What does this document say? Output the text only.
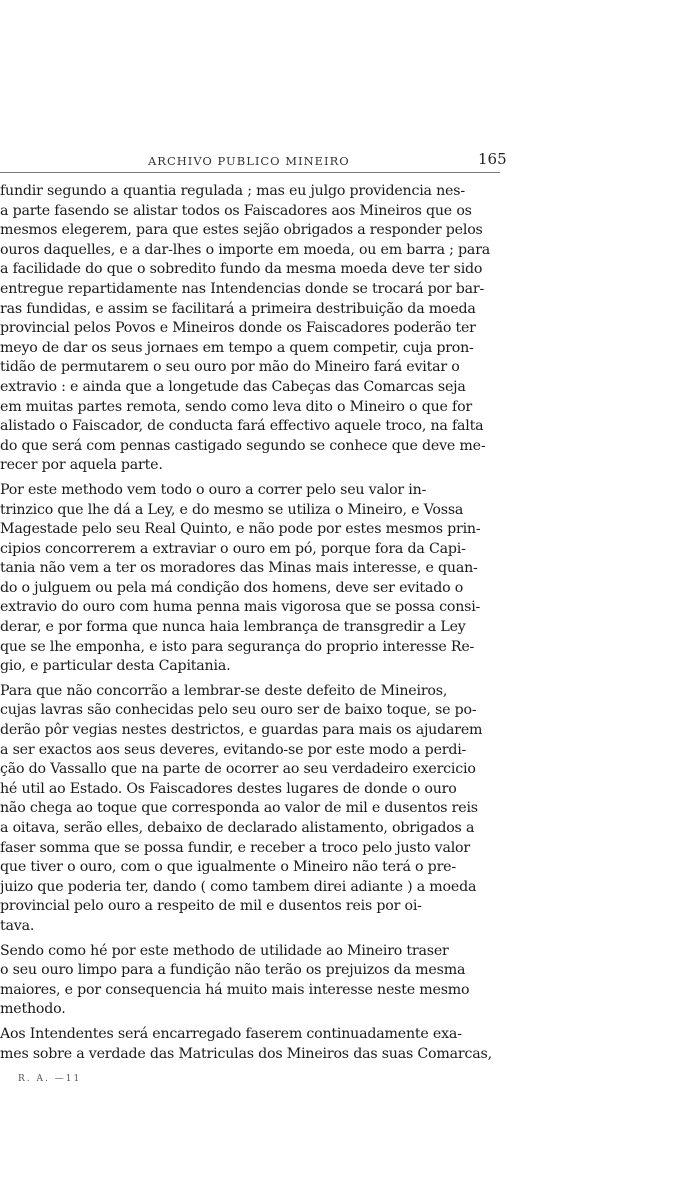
ARCHIVO PUBLICO MINEIRO	165
fundir segundo a quantia regulada ; mas eu julgo providencia nes-
a parte fasendo se alistar todos os Faiscadores aos Mineiros que os
mesmos elegerem, para que estes sejão obrigados a responder pelos
ouros daquelles, e a dar-lhes o importe em moeda, ou em barra ; para
a facilidade do que o sobredito fundo da mesma moeda deve ter sido
entregue repartidamente nas Intendencias donde se trocará por bar-
ras fundidas, e assim se facilitará a primeira destribuição da moeda
provincial pelos Povos e Mineiros donde os Faiscadores poderão ter
meyo de dar os seus jornaes em tempo a quem competir, cuja pron-
tidão de permutarem o seu ouro por mão do Mineiro fará evitar o
extravio : e ainda que a longetude das Cabeças das Comarcas seja
em muitas partes remota, sendo como leva dito o Mineiro o que for
alistado o Faiscador, de conducta fará effectivo aquele troco, na falta
do que será com pennas castigado segundo se conhece que deve me-
recer por aquela parte.
Por este methodo vem todo o ouro a correr pelo seu valor in-
trinzico que lhe dá a Ley, e do mesmo se utiliza o Mineiro, e Vossa
Magestade pelo seu Real Quinto, e não pode por estes mesmos prin-
cipios concorrerem a extraviar o ouro em pó, porque fora da Capi-
tania não vem a ter os moradores das Minas mais interesse, e quan-
do o julguem ou pela má condição dos homens, deve ser evitado o
extravio do ouro com huma penna mais vigorosa que se possa consi-
derar, e por forma que nunca haia lembrança de transgredir a Ley
que se lhe emponha, e isto para segurança do proprio interesse Re-
gio, e particular desta Capitania.
Para que não concorrão a lembrar-se deste defeito de Mineiros,
cujas lavras são conhecidas pelo seu ouro ser de baixo toque, se po-
derão pôr vegias nestes destrictos, e guardas para mais os ajudarem
a ser exactos aos seus deveres, evitando-se por este modo a perdi-
ção do Vassallo que na parte de ocorrer ao seu verdadeiro exercicio
hé util ao Estado. Os Faiscadores destes lugares de donde o ouro
não chega ao toque que corresponda ao valor de mil e dusentos reis
a oitava, serão elles, debaixo de declarado alistamento, obrigados a
faser somma que se possa fundir, e receber a troco pelo justo valor
que tiver o ouro, com o que igualmente o Mineiro não terá o pre-
juizo que poderia ter, dando ( como tambem direi adiante ) a moeda
provincial pelo ouro a respeito de mil e dusentos reis por oi-
tava.
Sendo como hé por este methodo de utilidade ao Mineiro traser
o seu ouro limpo para a fundição não terão os prejuizos da mesma
maiores, e por consequencia há muito mais interesse neste mesmo
methodo.
Aos Intendentes será encarregado faserem continuadamente exa-
mes sobre a verdade das Matriculas dos Mineiros das suas Comarcas,
R. A. —11
